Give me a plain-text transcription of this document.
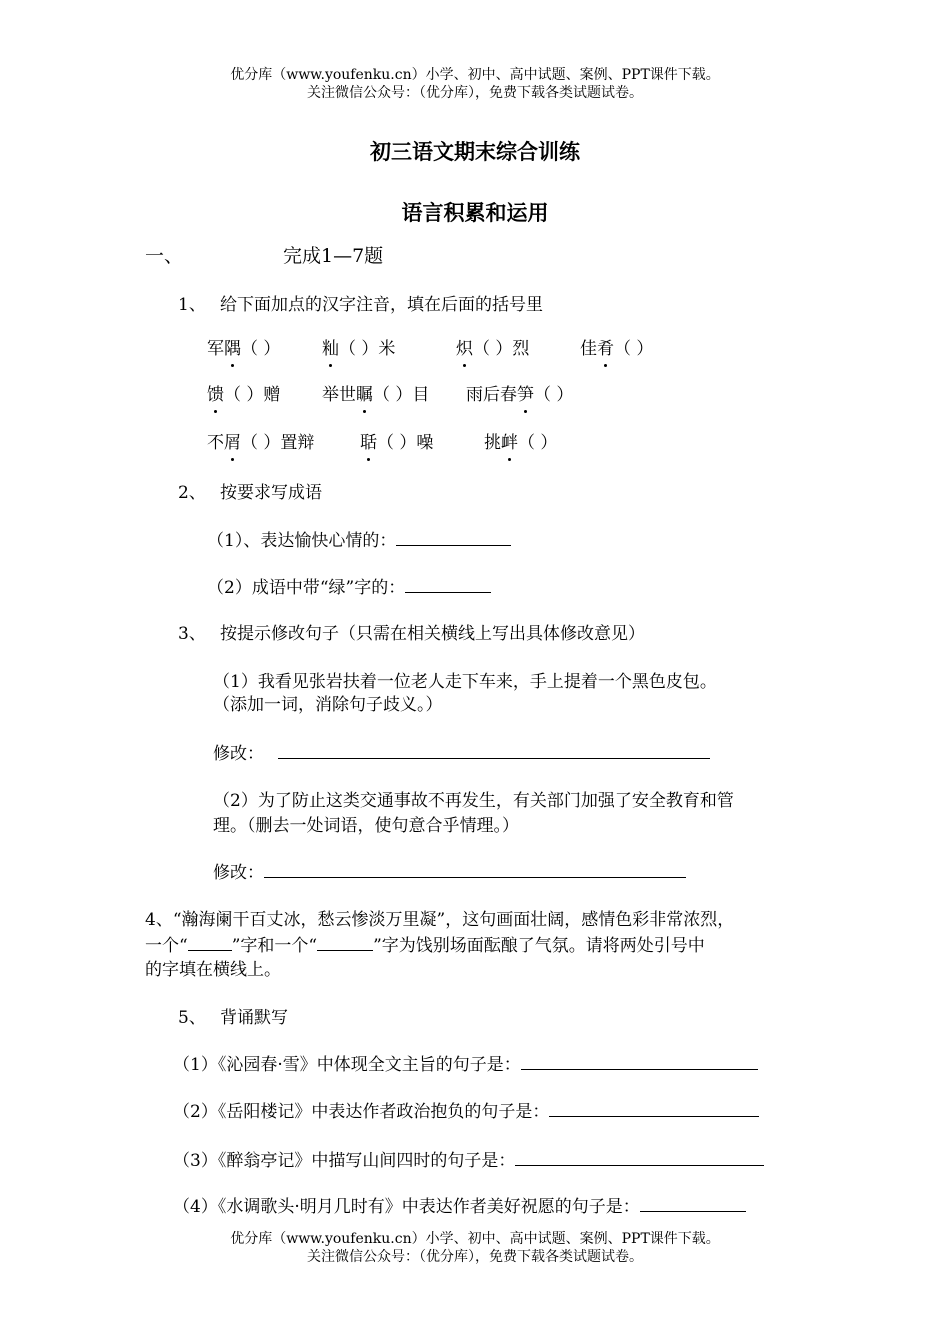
优分库（www.youfenku.cn）小学、初中、高中试题、案例、PPT课件下载。
关注微信公众号：（优分库），免费下载各类试题试卷。
初三语文期末综合训练
语言积累和运用
一、	完成1—7题
1、 给下面加点的汉字注音，填在后面的括号里
军隅（ ） 籼（ ）米	炽（ ）烈	佳肴（ ）
馈（ ）赠 举世瞩（ ）目 雨后春笋（ ）
不屑（ ）置辩	聒（ ）噪	挑衅（ ）
2、 按要求写成语
（1）、表达愉快心情的：
（2）成语中带“绿”字的：
3、 按提示修改句子（只需在相关横线上写出具体修改意见）
（1）我看见张岩扶着一位老人走下车来，手上提着一个黑色皮包。
（添加一词，消除句子歧义。）
修改：
（2）为了防止这类交通事故不再发生，有关部门加强了安全教育和管
理。（删去一处词语，使句意合乎情理。）
修改：
4、“瀚海阑干百丈冰，愁云惨淡万里凝”，这句画面壮阔，感情色彩非常浓烈，
一个“	”字和一个“	”字为饯别场面酝酿了气氛。请将两处引号中
的字填在横线上。
5、 背诵默写
（1）《沁园春·雪》中体现全文主旨的句子是：
（2）《岳阳楼记》中表达作者政治抱负的句子是：
（3）《醉翁亭记》中描写山间四时的句子是：
（4）《水调歌头·明月几时有》中表达作者美好祝愿的句子是：
优分库（www.youfenku.cn）小学、初中、高中试题、案例、PPT课件下载。
关注微信公众号：（优分库），免费下载各类试题试卷。
